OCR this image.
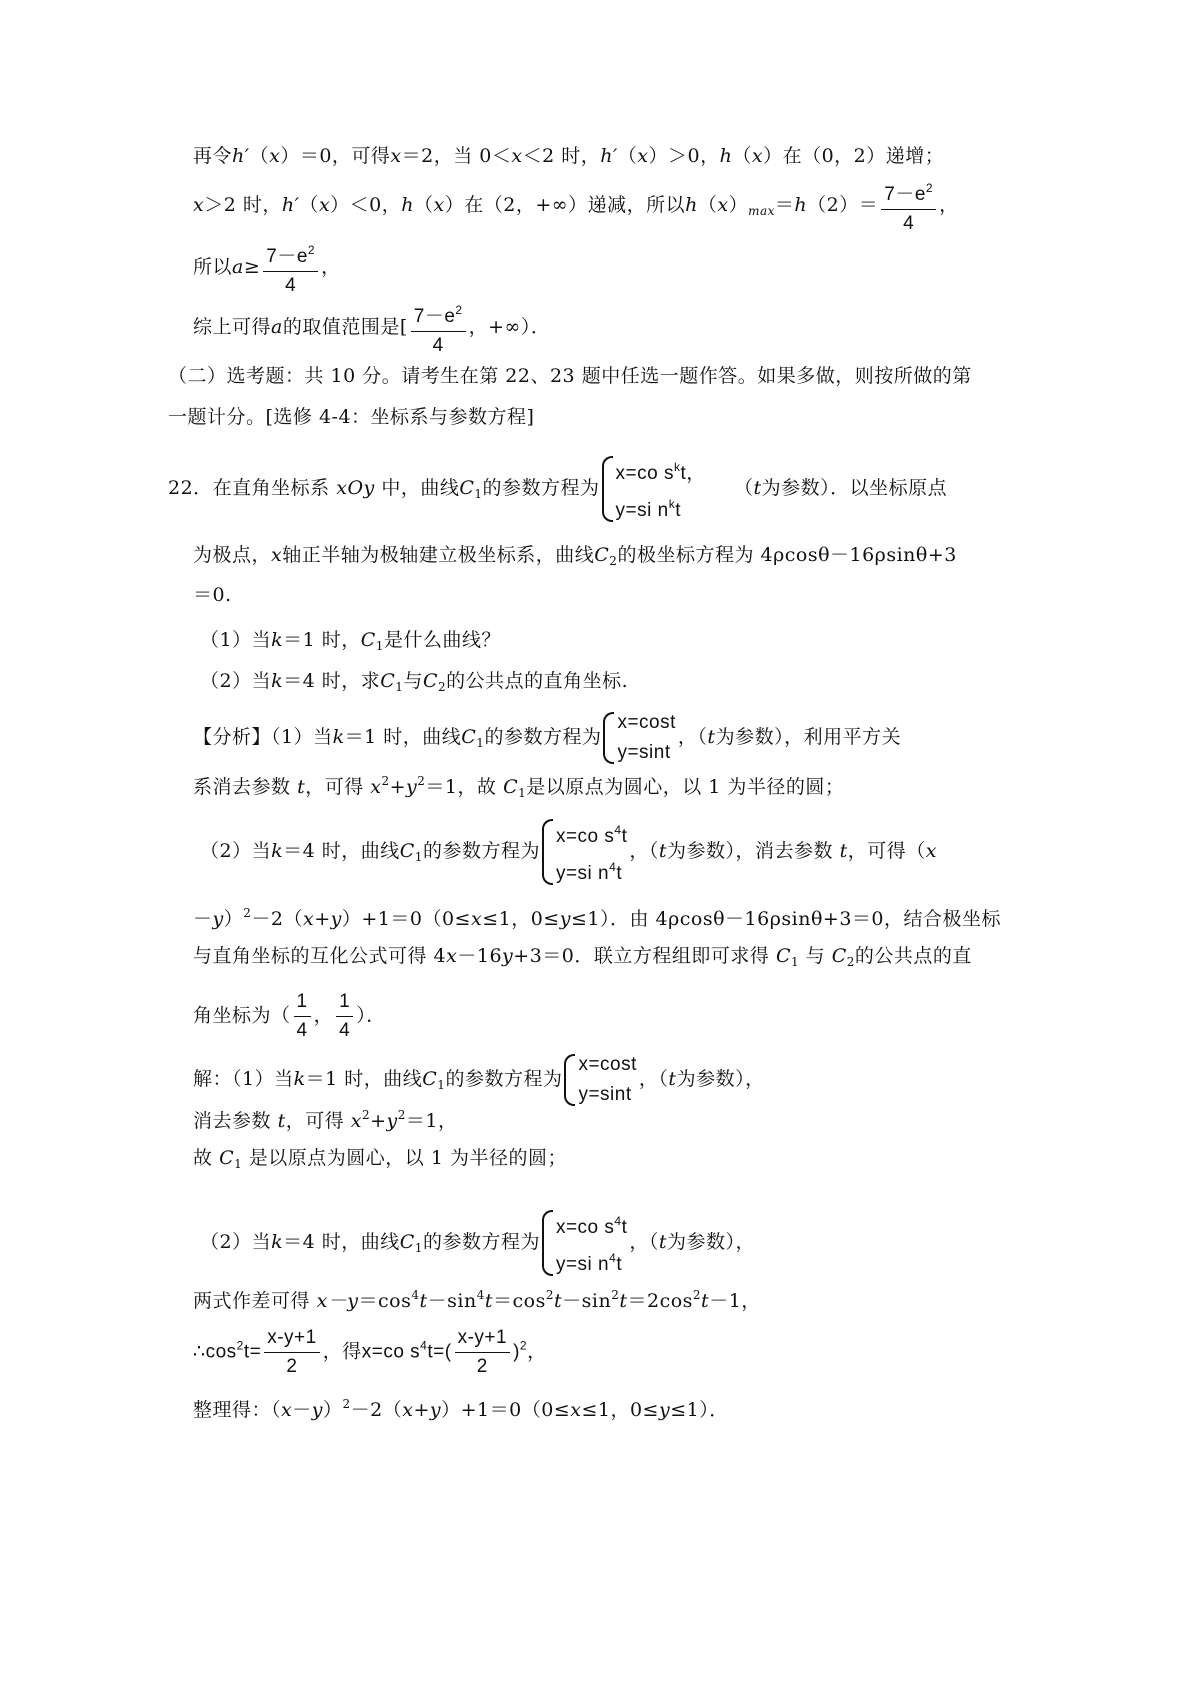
再令h′（x）＝0，可得x＝2，当 0＜x＜2 时，h′（x）＞0，h（x）在（0，2）递增；
x＞2 时，h′（x）＜0，h（x）在（2，+∞）递减，所以$h(x)_{max}=h(2)= \frac{7-e^2}{4}$ ，
所以$a\ge \frac{7-e^2}{4}$ ，
综上可得a的取值范围是[ $\frac{7-e^2}{4}$ ，+∞）．
（二）选考题：共 10 分。请考生在第 22、23 题中任选一题作答。如果多做，则按所做的第
一题计分。[选修 4-4：坐标系与参数方程]
22．在直角坐标系 xOy 中，曲线$C_1$的参数方程为
x=co $s^kt$，
y=si $n^kt$
（t为参数）．以坐标原点
为极点，x轴正半轴为极轴建立极坐标系，曲线$C_2$的极坐标方程为 4ρcosθ－16ρsinθ+3
＝0.
（1）当k＝1 时，$C_1$是什么曲线？
（2）当k＝4 时，求$C_1$与$C_2$的公共点的直角坐标.
【分析】（1）当k＝1 时，曲线$C_1$的参数方程为
x=cost
y=sint
，（t为参数），利用平方关
系消去参数 t，可得 $x^2+y^2=1$，故 $C_1$是以原点为圆心，以 1 为半径的圆；
（2）当k＝4 时，曲线$C_1$的参数方程为
x=co $s^4t$
y=si $n^4t$
，（t为参数），消去参数 t，可得（x
－y）$^2$－2（x+y）+1＝0（0≤x≤1，0≤y≤1）．由 4ρcosθ－16ρsinθ+3＝0，结合极坐标
与直角坐标的互化公式可得 4x－16y+3＝0．联立方程组即可求得 $C_1$ 与 $C_2$的公共点的直
角坐标为（ $\frac{1}{4}$ ， $\frac{1}{4}$ ）．
解：（1）当k＝1 时，曲线$C_1$的参数方程为
x=cost
y=sint
，（t为参数），
消去参数 t，可得 $x^2+y^2=1$，
故 $C_1$ 是以原点为圆心，以 1 为半径的圆；
（2）当k＝4 时，曲线$C_1$的参数方程为
x=co $s^4t$
y=si $n^4t$
，（t为参数），
两式作差可得 $x-y=\cos^4t-\sin^4t=\cos^2t-\sin^2t=2\cos^2t-1$，
$\therefore\cos^2t= \frac{x-y+1}{2}$ ，得x=co $s^4t=( \frac{x-y+1}{2} )^2$，
整理得：$(x-y)^2-2(x+y)+1=0(0\le x\le 1$，0≤y≤1）．
